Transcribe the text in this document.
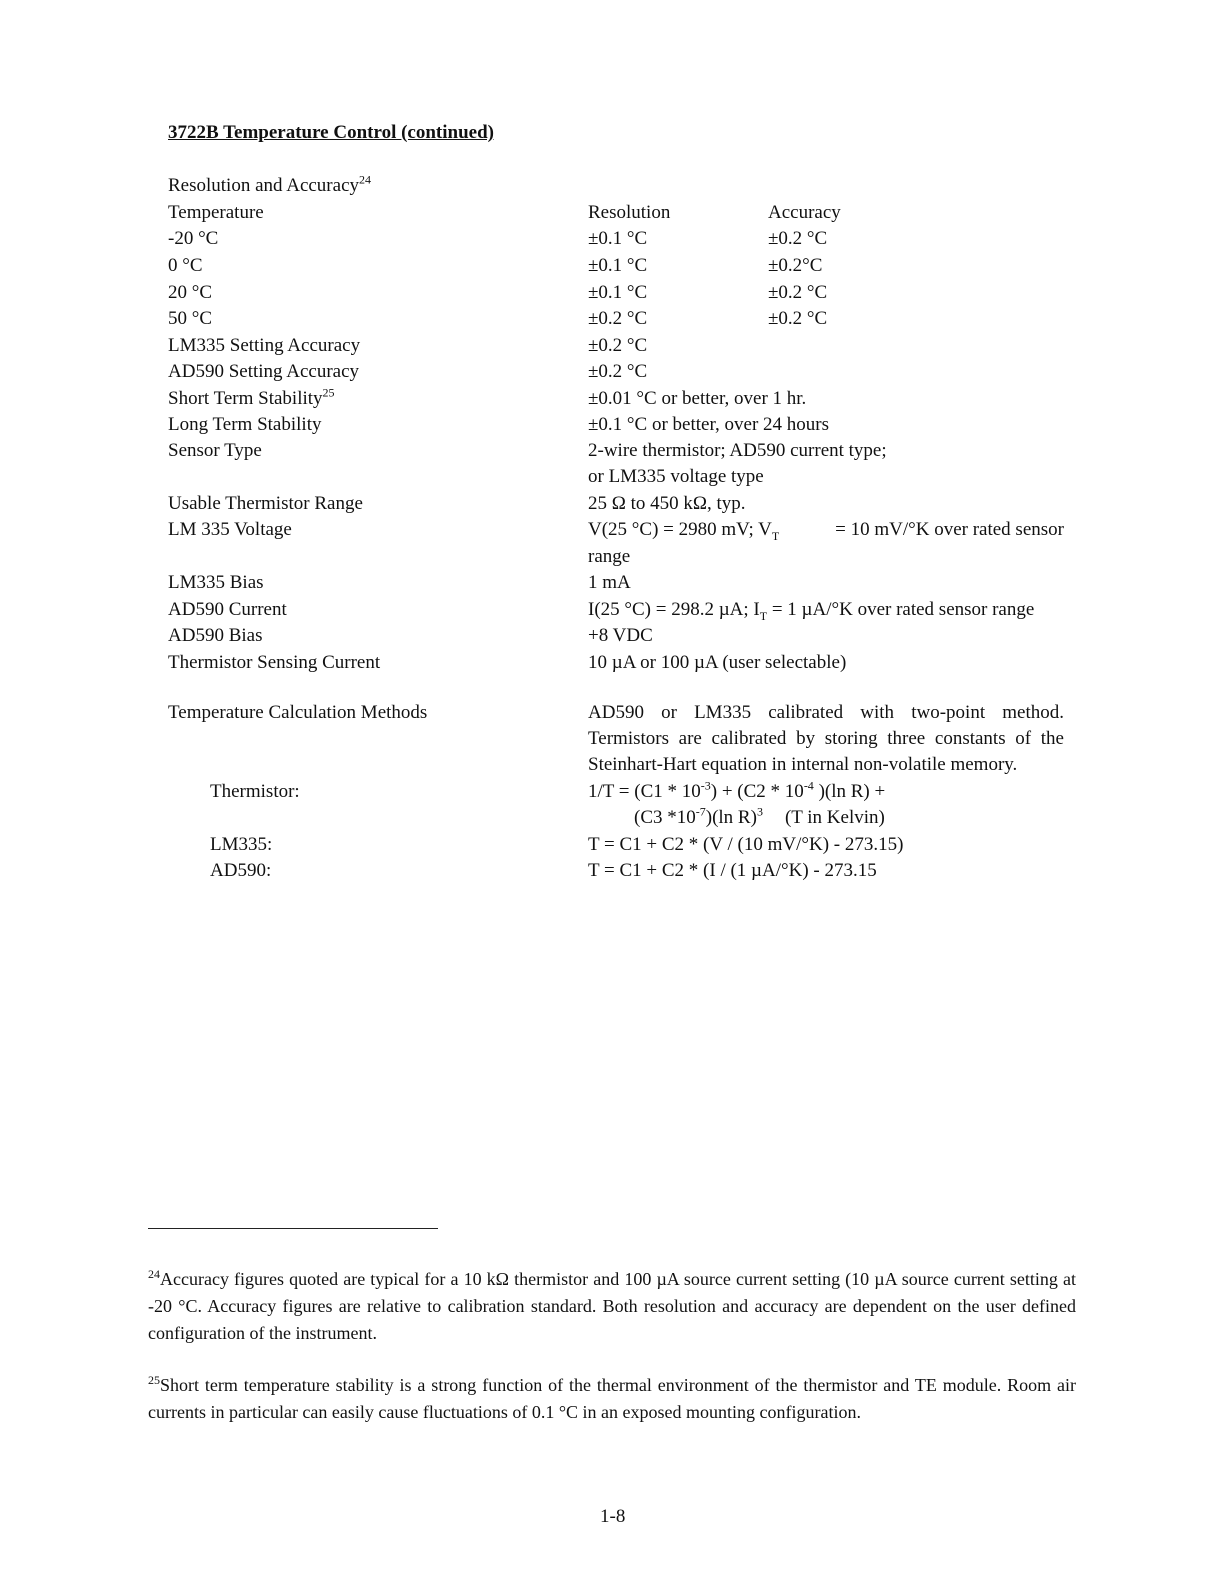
3722B Temperature Control (continued)
Resolution and Accuracy$^{24}$
Temperature	Resolution	Accuracy
-20 °C	±0.1 °C	±0.2 °C
0 °C	±0.1 °C	±0.2°C
20 °C	±0.1 °C	±0.2 °C
50 °C	±0.2 °C	±0.2 °C
LM335 Setting Accuracy	±0.2 °C
AD590 Setting Accuracy	±0.2 °C
Short Term Stability$^{25}$	±0.01 °C or better, over 1 hr.
Long Term Stability	±0.1 °C or better, over 24 hours
Sensor Type	2-wire thermistor; AD590 current type;
or LM335 voltage type
Usable Thermistor Range	25 Ω to 450 kΩ, typ.
LM 335 Voltage	V(25 °C) = 2980 mV; $V_T$	= 10 mV/°K over rated sensor
range
LM335 Bias	1 mA
AD590 Current	I(25 °C) = 298.2 µA; $I_T = 1$ µA/°K over rated sensor range
AD590 Bias	+8 VDC
Thermistor Sensing Current	10 µA or 100 µA (user selectable)
Temperature Calculation Methods	AD590 or LM335 calibrated with two-point method. Termistors are calibrated by storing three constants of the Steinhart-Hart equation in internal non-volatile memory.
Thermistor:	$1/T = (C1 * 10^{-3}) + (C2 * 10^{-4}$ )(ln R) +
(C3 $*10^{-7})(\ln$ R)$^3$ (T in Kelvin)
LM335:	T = C1 + C2 * (V / (10 mV/°K) - 273.15)
AD590:	T = C1 + C2 * (I / (1 µA/°K) - 273.15
$^{24}$Accuracy figures quoted are typical for a 10 kΩ thermistor and 100 µA source current setting (10 µA source current setting at -20 °C. Accuracy figures are relative to calibration standard. Both resolution and accuracy are dependent on the user defined configuration of the instrument.
$^{25}$Short term temperature stability is a strong function of the thermal environment of the thermistor and TE module. Room air currents in particular can easily cause fluctuations of 0.1 °C in an exposed mounting configuration.
1-8
